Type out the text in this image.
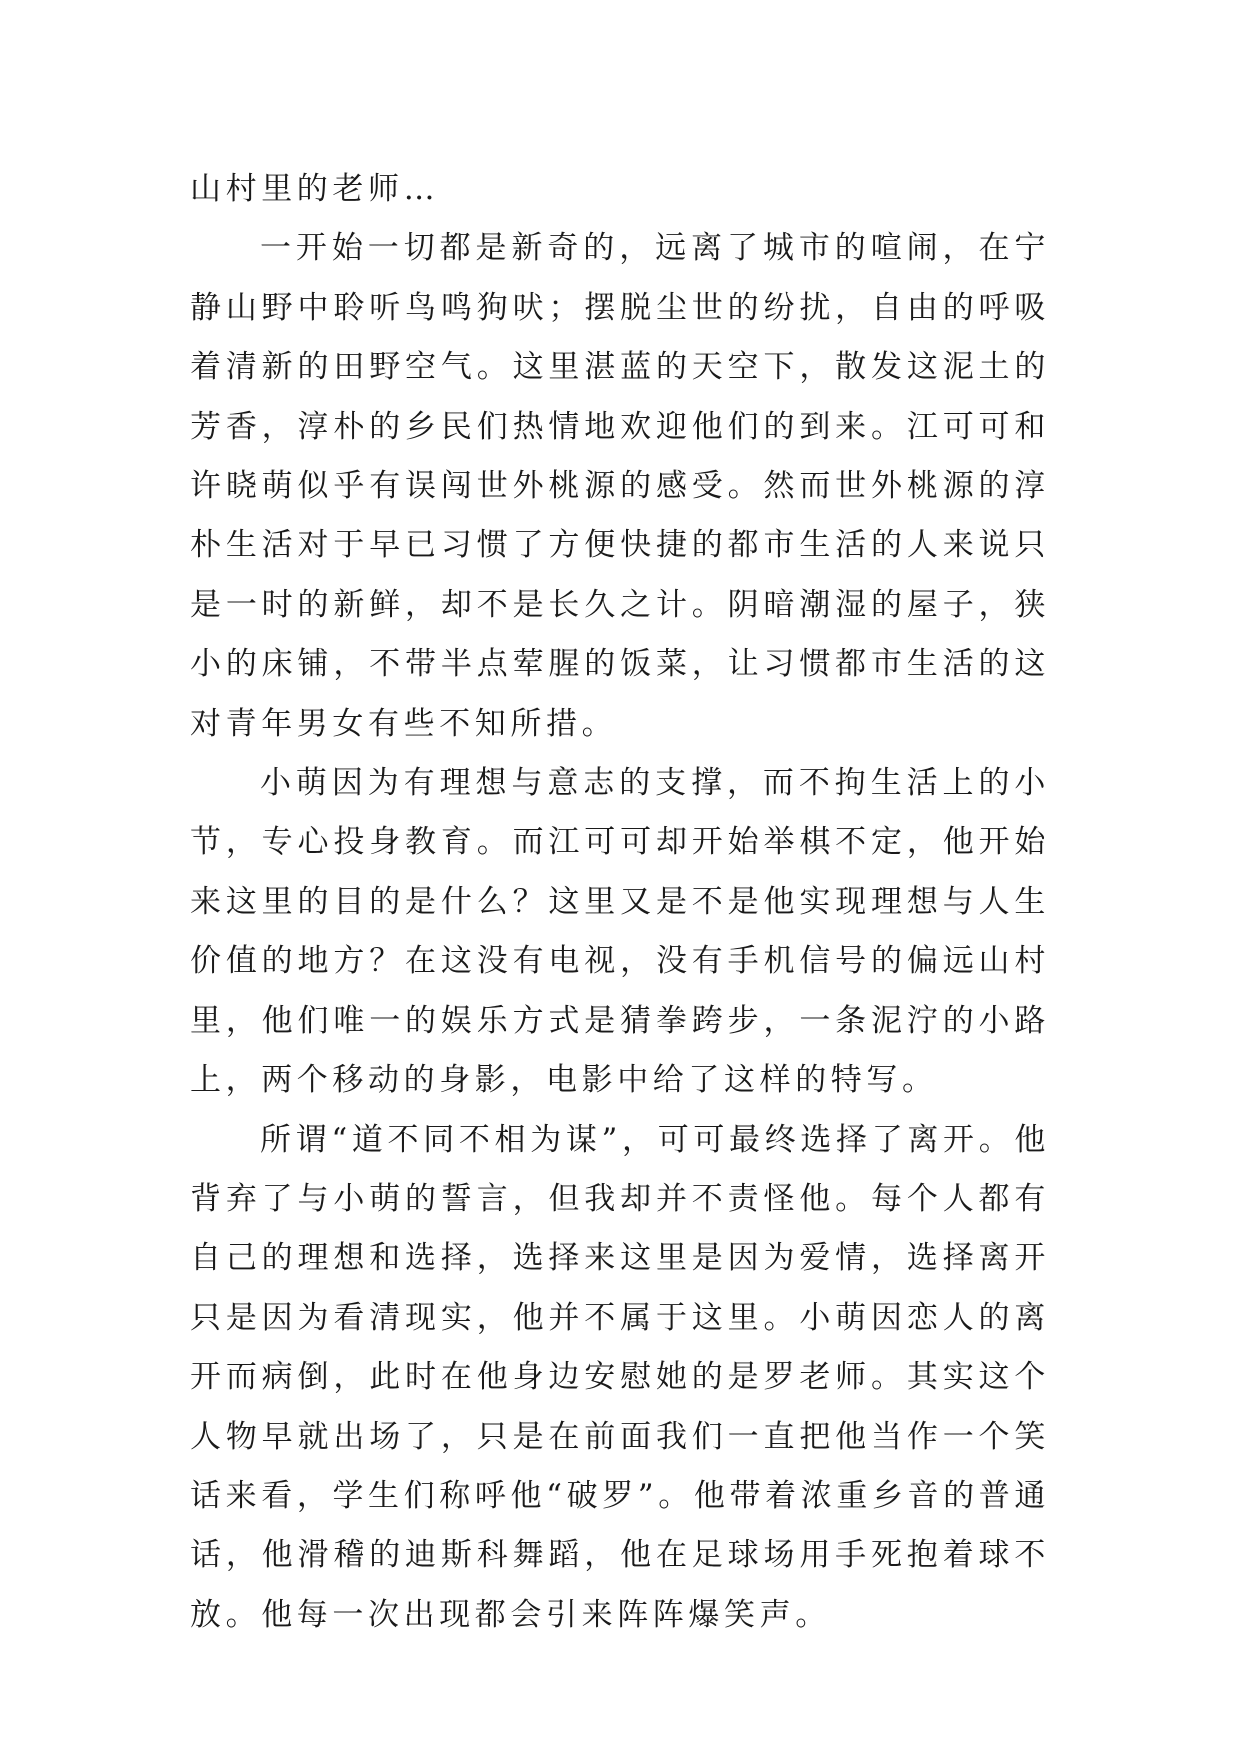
山村里的老师…

一开始一切都是新奇的，远离了城市的喧闹，在宁静山野中聆听鸟鸣狗吠；摆脱尘世的纷扰，自由的呼吸着清新的田野空气。这里湛蓝的天空下，散发这泥土的芳香，淳朴的乡民们热情地欢迎他们的到来。江可可和许晓萌似乎有误闯世外桃源的感受。然而世外桃源的淳朴生活对于早已习惯了方便快捷的都市生活的人来说只是一时的新鲜，却不是长久之计。阴暗潮湿的屋子，狭小的床铺，不带半点荤腥的饭菜，让习惯都市生活的这对青年男女有些不知所措。

小萌因为有理想与意志的支撑，而不拘生活上的小节，专心投身教育。而江可可却开始举棋不定，他开始来这里的目的是什么？这里又是不是他实现理想与人生价值的地方？在这没有电视，没有手机信号的偏远山村里，他们唯一的娱乐方式是猜拳跨步，一条泥泞的小路上，两个移动的身影，电影中给了这样的特写。

所谓“道不同不相为谋”，可可最终选择了离开。他背弃了与小萌的誓言，但我却并不责怪他。每个人都有自己的理想和选择，选择来这里是因为爱情，选择离开只是因为看清现实，他并不属于这里。小萌因恋人的离开而病倒，此时在他身边安慰她的是罗老师。其实这个人物早就出场了，只是在前面我们一直把他当作一个笑话来看，学生们称呼他“破罗”。他带着浓重乡音的普通话，他滑稽的迪斯科舞蹈，他在足球场用手死抱着球不放。他每一次出现都会引来阵阵爆笑声。
